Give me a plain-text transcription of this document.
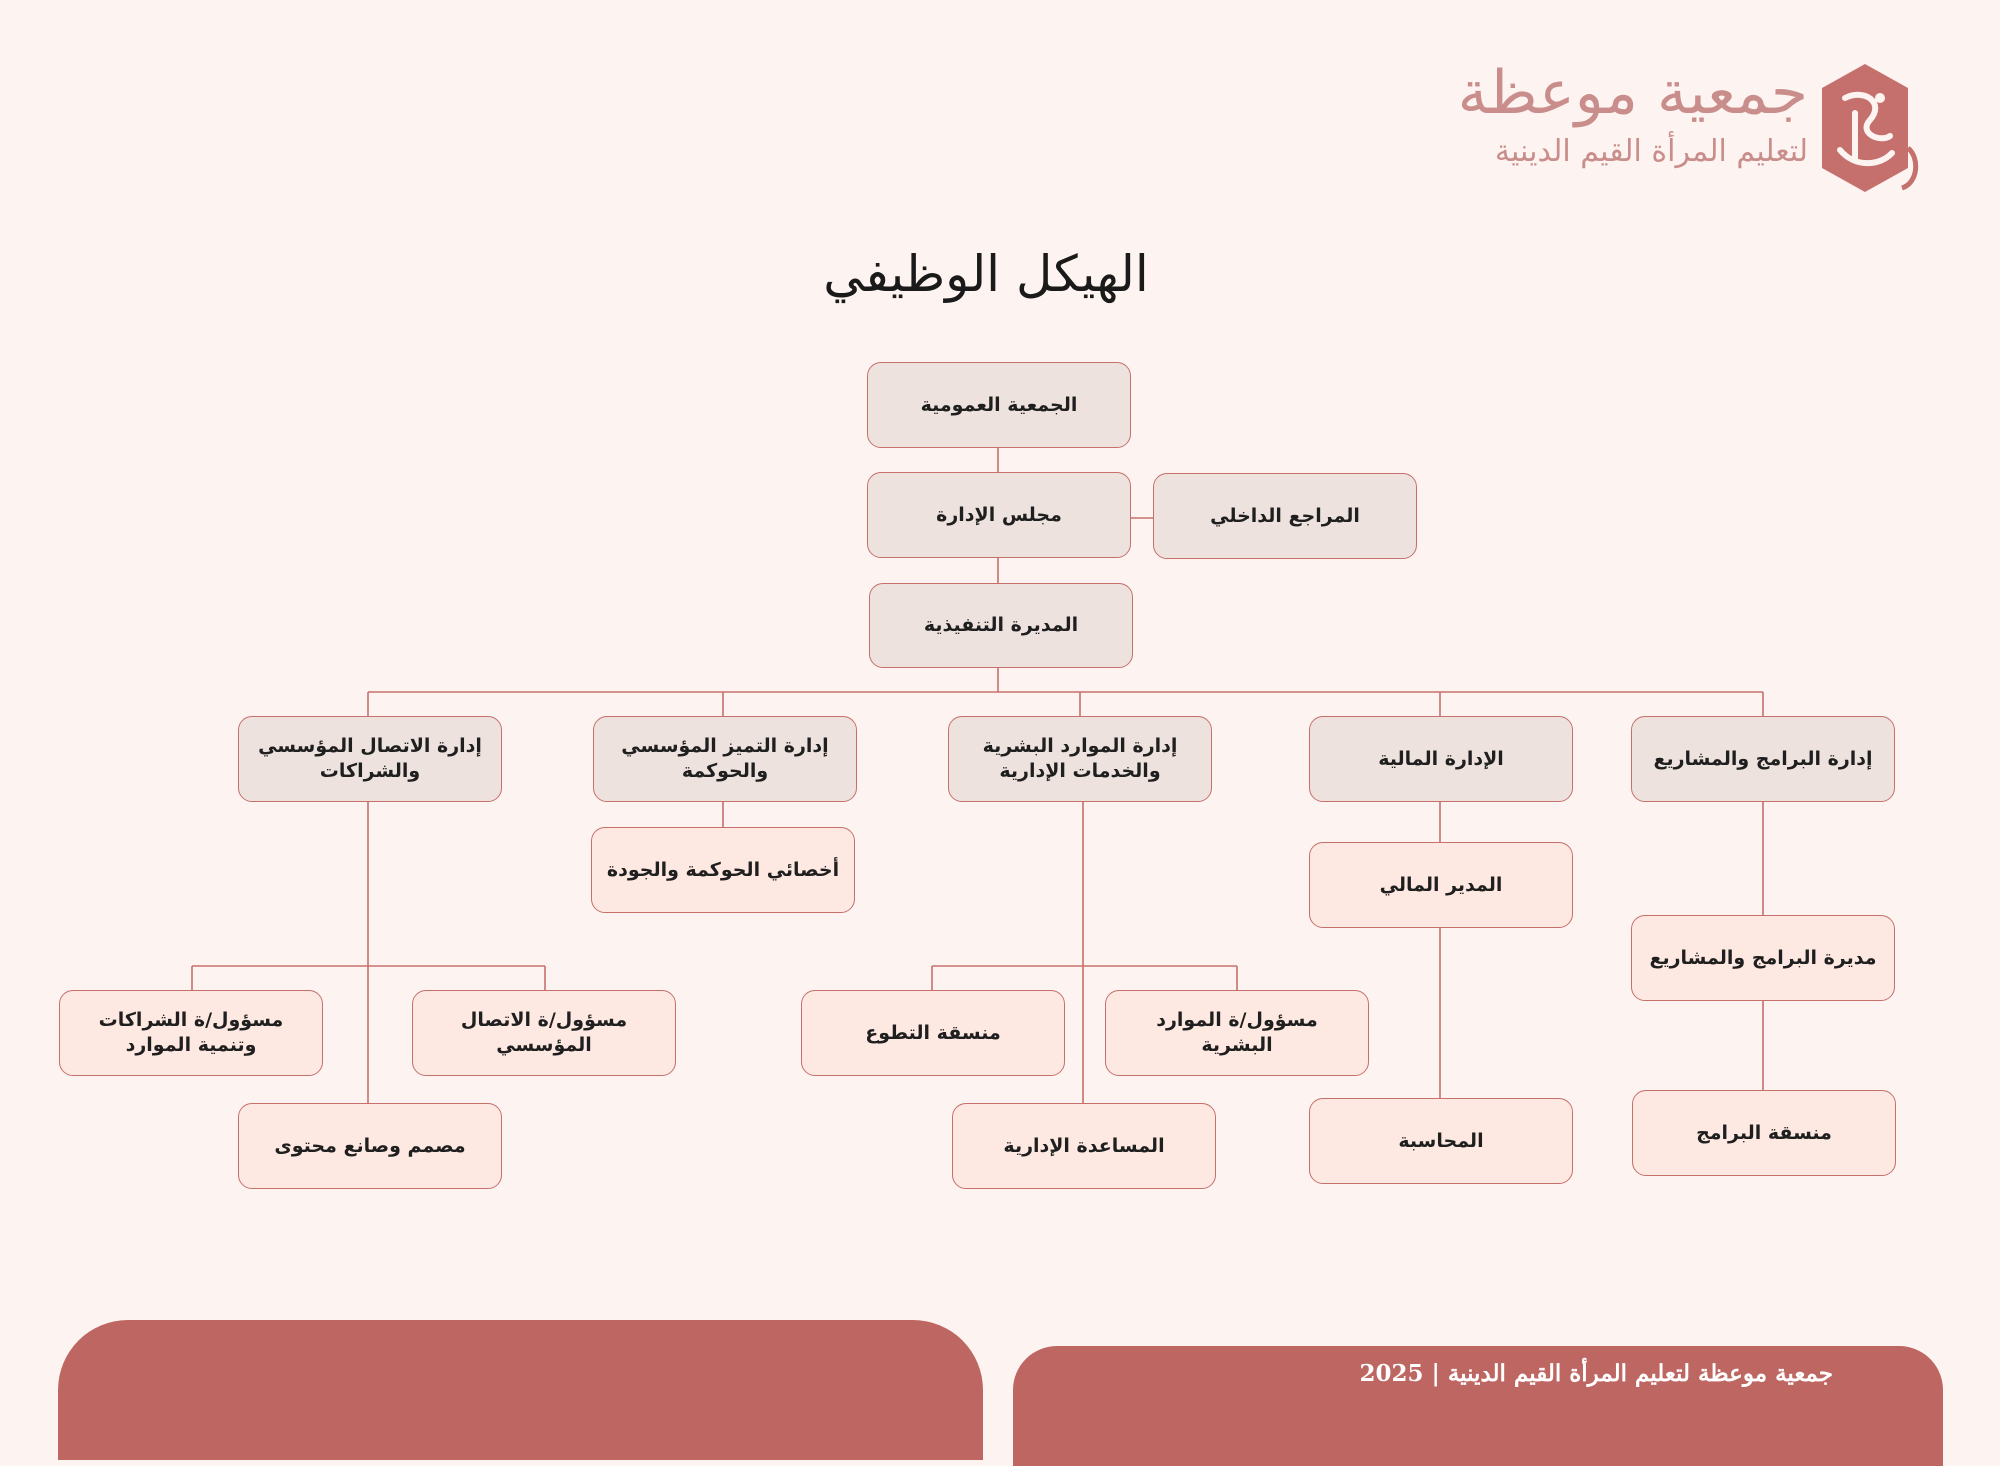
جمعية موعظة
لتعليم المرأة القيم الدينية
الهيكل الوظيفي
الجمعية العمومية
مجلس الإدارة	المراجع الداخلي
المديرة التنفيذية
إدارة الاتصال المؤسسي والشراكات
إدارة التميز المؤسسي والحوكمة
إدارة الموارد البشرية والخدمات الإدارية
الإدارة المالية	إدارة البرامج والمشاريع
أخصائي الحوكمة والجودة
المدير المالي
مديرة البرامج والمشاريع
مسؤول/ة الشراكات وتنمية الموارد
مسؤول/ة الاتصال المؤسسي
منسقة التطوع
مسؤول/ة الموارد البشرية
مصمم وصانع محتوى	المساعدة الإدارية	المحاسبة	منسقة البرامج
جمعية موعظة لتعليم المرأة القيم الدينية | 2025
